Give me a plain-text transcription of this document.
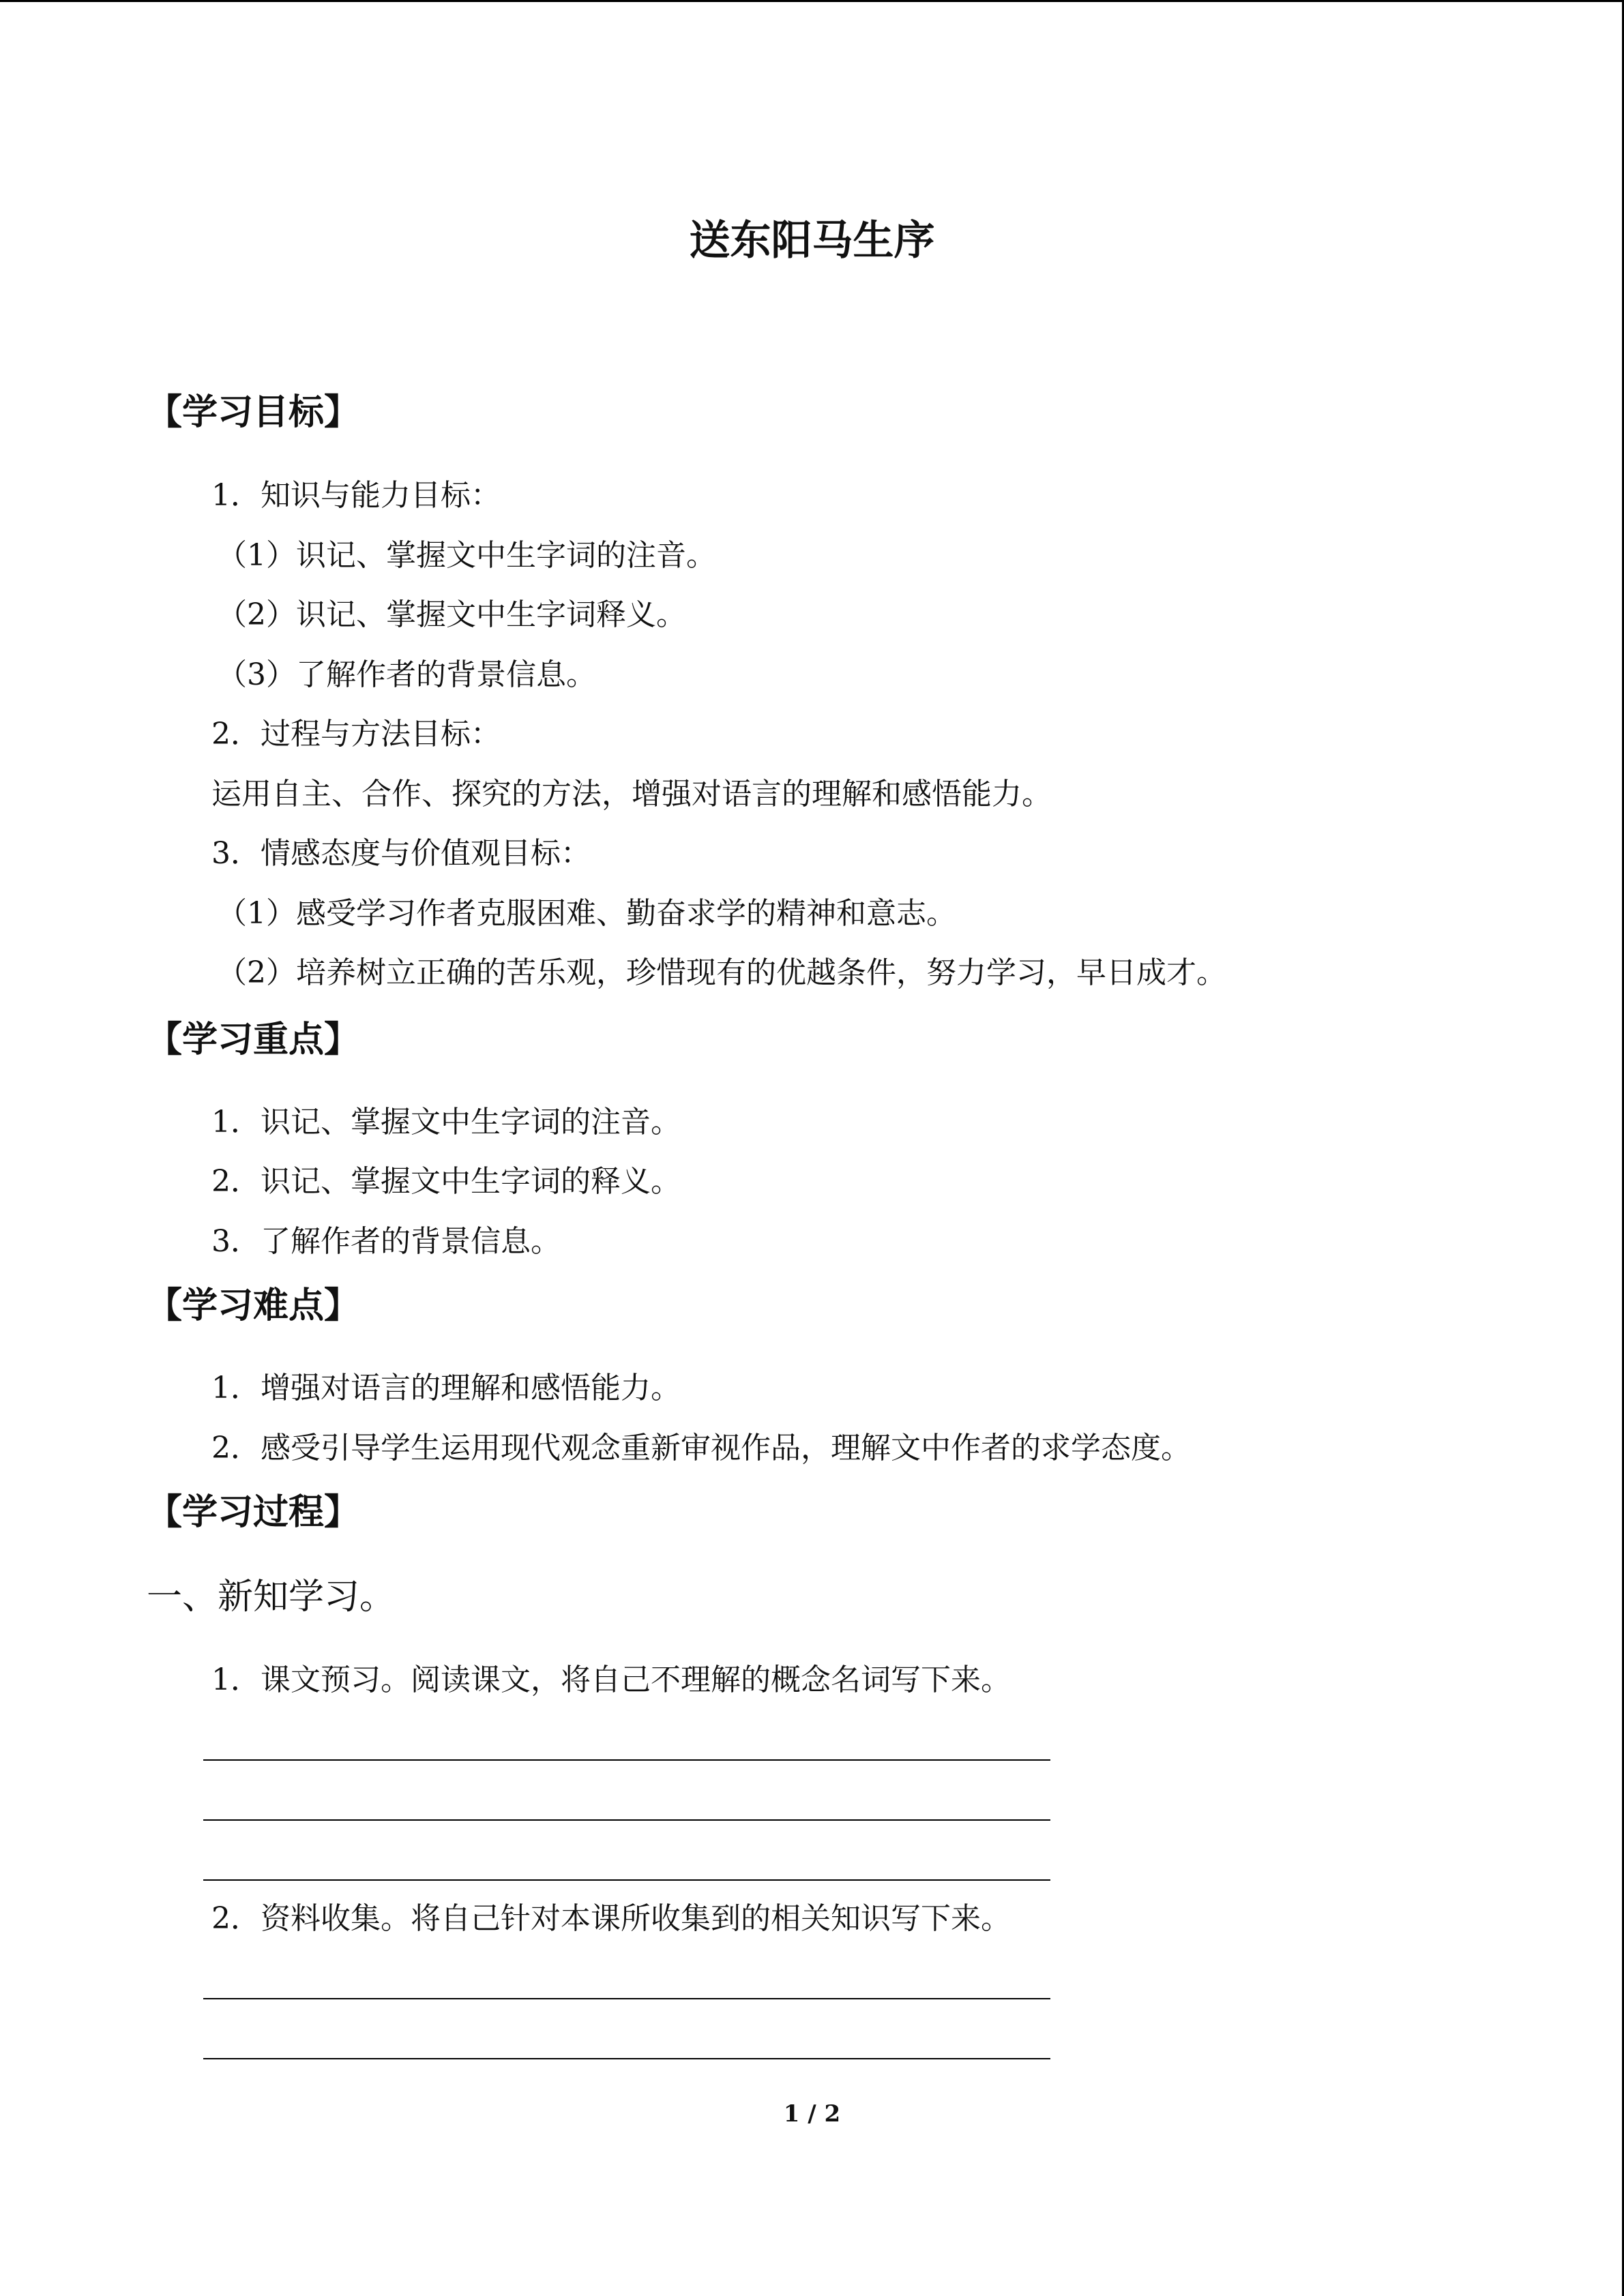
送东阳马生序
【学习目标】
1．知识与能力目标：
（1）识记、掌握文中生字词的注音。
（2）识记、掌握文中生字词释义。
（3）了解作者的背景信息。
2．过程与方法目标：
运用自主、合作、探究的方法，增强对语言的理解和感悟能力。
3．情感态度与价值观目标：
（1）感受学习作者克服困难、勤奋求学的精神和意志。
（2）培养树立正确的苦乐观，珍惜现有的优越条件，努力学习，早日成才。
【学习重点】
1．识记、掌握文中生字词的注音。
2．识记、掌握文中生字词的释义。
3．了解作者的背景信息。
【学习难点】
1．增强对语言的理解和感悟能力。
2．感受引导学生运用现代观念重新审视作品，理解文中作者的求学态度。
【学习过程】
一、新知学习。
1．课文预习。阅读课文，将自己不理解的概念名词写下来。
2．资料收集。将自己针对本课所收集到的相关知识写下来。
1 / 2
